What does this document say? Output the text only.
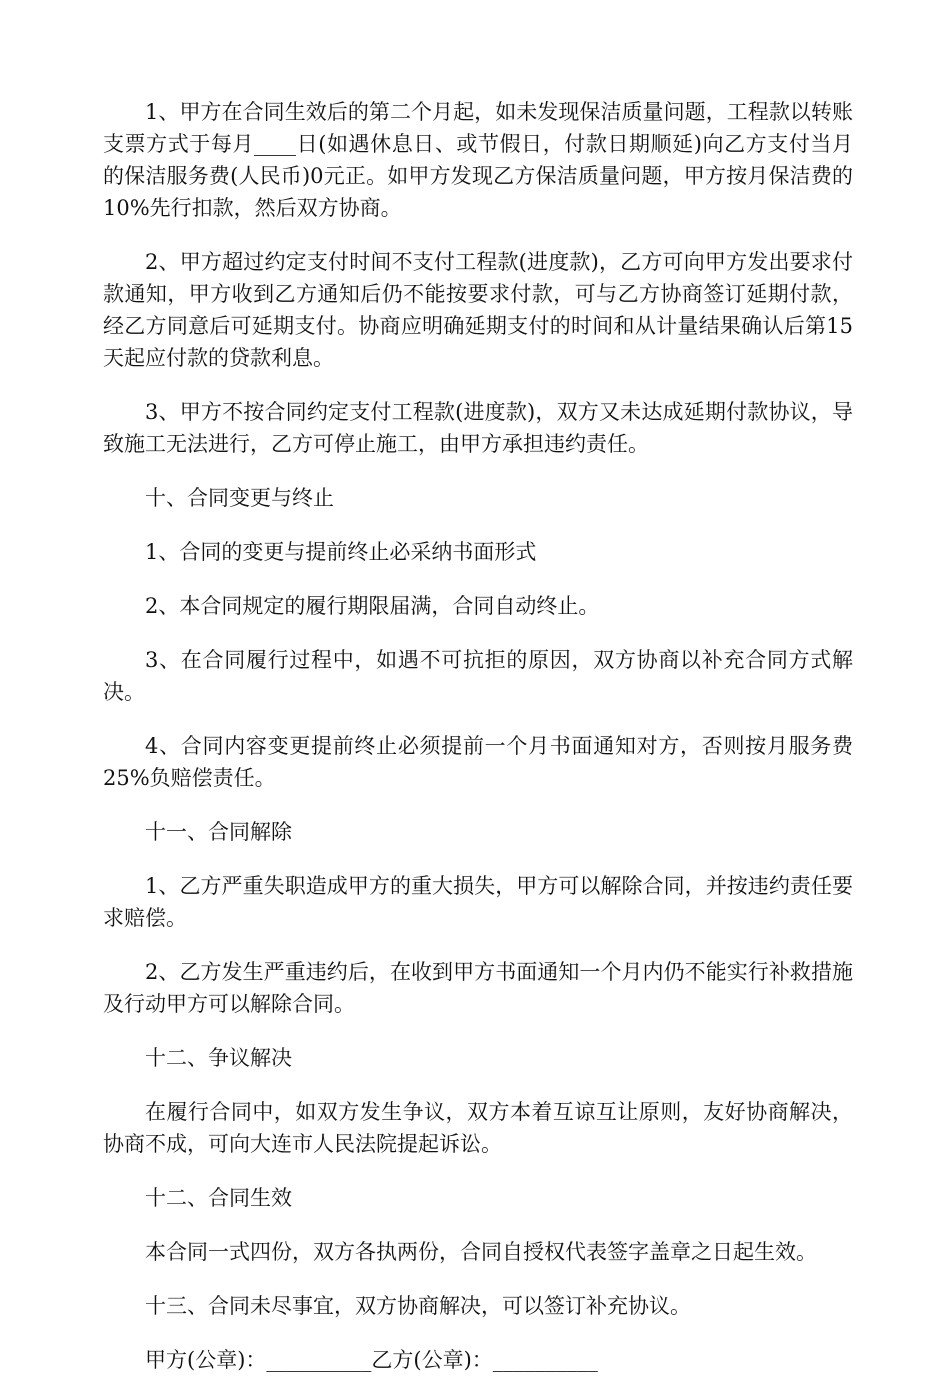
1、甲方在合同生效后的第二个月起，如未发现保洁质量问题，工程款以转账支票方式于每月____日(如遇休息日、或节假日，付款日期顺延)向乙方支付当月的保洁服务费(人民币)0元正。如甲方发现乙方保洁质量问题，甲方按月保洁费的10%先行扣款，然后双方协商。

2、甲方超过约定支付时间不支付工程款(进度款)，乙方可向甲方发出要求付款通知，甲方收到乙方通知后仍不能按要求付款，可与乙方协商签订延期付款，经乙方同意后可延期支付。协商应明确延期支付的时间和从计量结果确认后第15天起应付款的贷款利息。

3、甲方不按合同约定支付工程款(进度款)，双方又未达成延期付款协议，导致施工无法进行，乙方可停止施工，由甲方承担违约责任。

十、合同变更与终止

1、合同的变更与提前终止必采纳书面形式

2、本合同规定的履行期限届满，合同自动终止。

3、在合同履行过程中，如遇不可抗拒的原因，双方协商以补充合同方式解决。

4、合同内容变更提前终止必须提前一个月书面通知对方，否则按月服务费25%负赔偿责任。

十一、合同解除

1、乙方严重失职造成甲方的重大损失，甲方可以解除合同，并按违约责任要求赔偿。

2、乙方发生严重违约后，在收到甲方书面通知一个月内仍不能实行补救措施及行动甲方可以解除合同。

十二、争议解决

在履行合同中，如双方发生争议，双方本着互谅互让原则，友好协商解决，协商不成，可向大连市人民法院提起诉讼。

十二、合同生效

本合同一式四份，双方各执两份，合同自授权代表签字盖章之日起生效。

十三、合同未尽事宜，双方协商解决，可以签订补充协议。

甲方(公章)：__________乙方(公章)：__________
